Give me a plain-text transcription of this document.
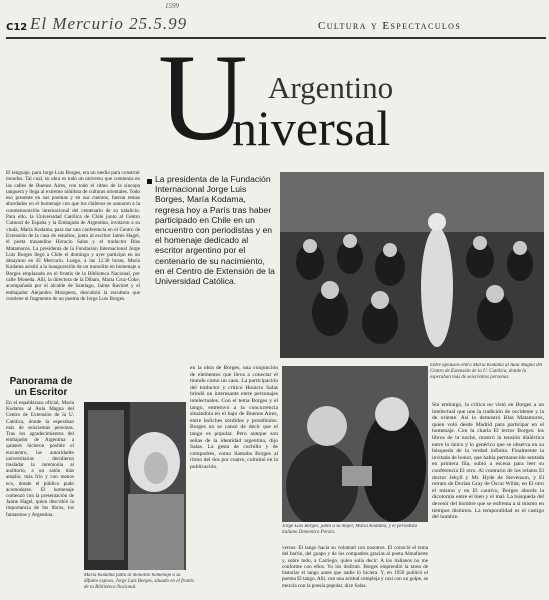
C12 El Mercurio 25.5.99
1599
Cultura y Espectaculos
Argentino
U
niversal
La presidenta de la Fundación Internacional Jorge Luis Borges, María Kodama, regresa hoy a París tras haber participado en Chile en un encuentro con periodistas y en el homenaje dedicado al escritor argentino por el centenario de su nacimiento, en el Centro de Extensión de la Universidad Católica.
El lenguaje, para Jorge Luis Borges, era un medio para construir mundos. Tal cual, su obra es todo un universo que comienza en las calles de Buenos Aires, con todo el ritmo de la síncopa tanguera y llega al extremo nihilista de culturas orientales. Todo eso presente en sus poemas y en sus cuentos, fueron temas abordados en el homenaje con que los chilenos se sumaron a la conmemoración internacional del centenario de su natalicio. Para ello, la Universidad Católica de Chile junto al Centro Cultural de España y la Embajada de Argentina, invitaron a su viuda, María Kodama, para dar una conferencia en el Centro de Extensión de la casa de estudios, junto al escritor Jaime Hagel, el poeta trasandino Horacio Salas y el traductor Blas Matamoros. La presidenta de la Fundación Internacional Jorge Luis Borges llegó a Chile el domingo y ayer participó en un desayuno en El Mercurio. Luego, a las 12.30 horas, María Kodama asistió a la inauguración de un monolito en homenaje a Borges emplazado en el frontis de la Biblioteca Nacional, por calle Moneda. Allí, la directora de la Dibam, Marta Cruz-Coke, acompañada por el alcalde de Santiago, Jaime Ravinet y el embajador Alejandro Mosquera, descubrió la escultura que contiene el fragmento de un poema de Jorge Luis Borges.
Entre aplausos entró María Kodama al Aula Magna del Centro de Extensión de la U. Católica, donde la esperaban más de seiscientas personas.
Panorama de un Escritor
En el espaldarazo oficial, María Kodama al Aula Magna del Centro de Extensión de la U. Católica, donde la esperaban más de seiscientas personas. Tras los agradecimientos del embajador de Argentina a quienes hicieron posible el encuentro, las autoridades universitarias decidieron trasladar la ceremonia al auditorio, a un salón más amplio, más frío y con menos eco, donde el público pudo acomodarse. El homenaje comenzó con la presentación de Jaime Hagel, quien describió la importancia de los libros, los fantasmas y Argentina.
María Kodama junto al monolito homenaje a su difunto esposo, Jorge Luis Borges, situado en el frontis de la Biblioteca Nacional.
en la obra de Borges, una conjunción de elementos que lleva a conectar el mundo como un caos. La participación del traductor y crítico Horacio Salas brindó un interesante entre personajes intelectuales. Con el tema Borges y el tango, entretuvo a la concurrencia situándola en el bajo de Buenos Aires, entre boliches sórdidos y prostíbulos. Borges no se cansó de decir que el tango es popular. Pero aunque son señas de la identidad argentina, dijo Salas. La gesta de cuchillo y de compadres, como llamaba Borges al ritmo del dos por cuatro, culminó en la publicación.
Jorge Luis Borges, junto a su mujer, María Kodama, y el periodista italiano Domenico Porzio.
versos: El tango hacía su voluntad con nosotros. El conoció el tema del barrio, del guapo y de los compadres gracias al poeta Almafuerte y, sobre todo, a Carriego, quien solía decir: A los italianos no me conforme con ellos. Yo los disfruto. Borges emprendió la tarea de historiar el tango antes que nadie lo hiciera. Y, en 1950 publicó el poema El tango. Allí, con una actitud compleja y casi con un golpe, se mezcla con la poesía popular, dice Salas.
Sin embargo, la crítica no vistó en Borges a un intelectual que une la tradición de occidente y la de oriente. Así lo demostró Blas Matamoros, quien voló desde Madrid para participar en el homenaje. Con la charla El lector Borges: los libros de la noche, mostró la tensión dialéctica entre lo único y lo genérico que se observa en su búsqueda de la verdad infinita. Finalmente la invitada de honor, que había permanecido sentada en primera fila, subió a escena para leer su conferencia El otro. Al contrario de los relatos El doctor Jekyll y Mr. Hyde de Stevenson, y El retrato de Dorian Gray de Oscar Wilde, en El otro el mismo y en El cautivo, Borges aborda la dicotomía entre el bien y el mal. La búsqueda del devenir del hombre que se enfrenta a sí mismo en tiempos distintos. La temporalidad es el castigo del hombre.
